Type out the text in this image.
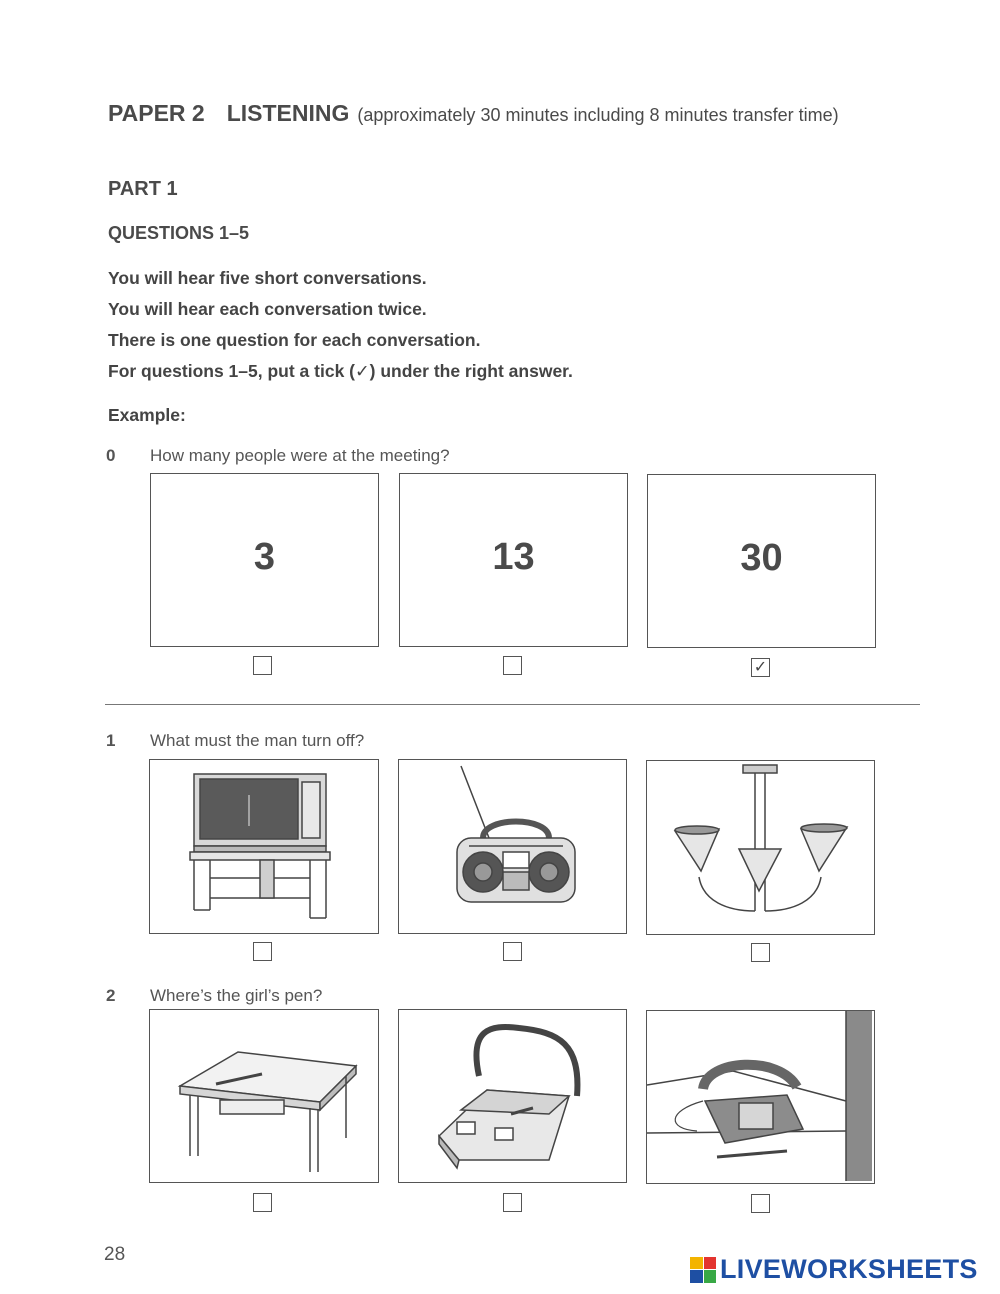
PAPER 2 LISTENING (approximately 30 minutes including 8 minutes transfer time)
PART 1
QUESTIONS 1–5
You will hear five short conversations.
You will hear each conversation twice.
There is one question for each conversation.
For questions 1–5, put a tick (✓) under the right answer.
Example:
0 How many people were at the meeting?
3	13	30
✓
1 What must the man turn off?
2 Where’s the girl’s pen?
28	LIVEWORKSHEETS
